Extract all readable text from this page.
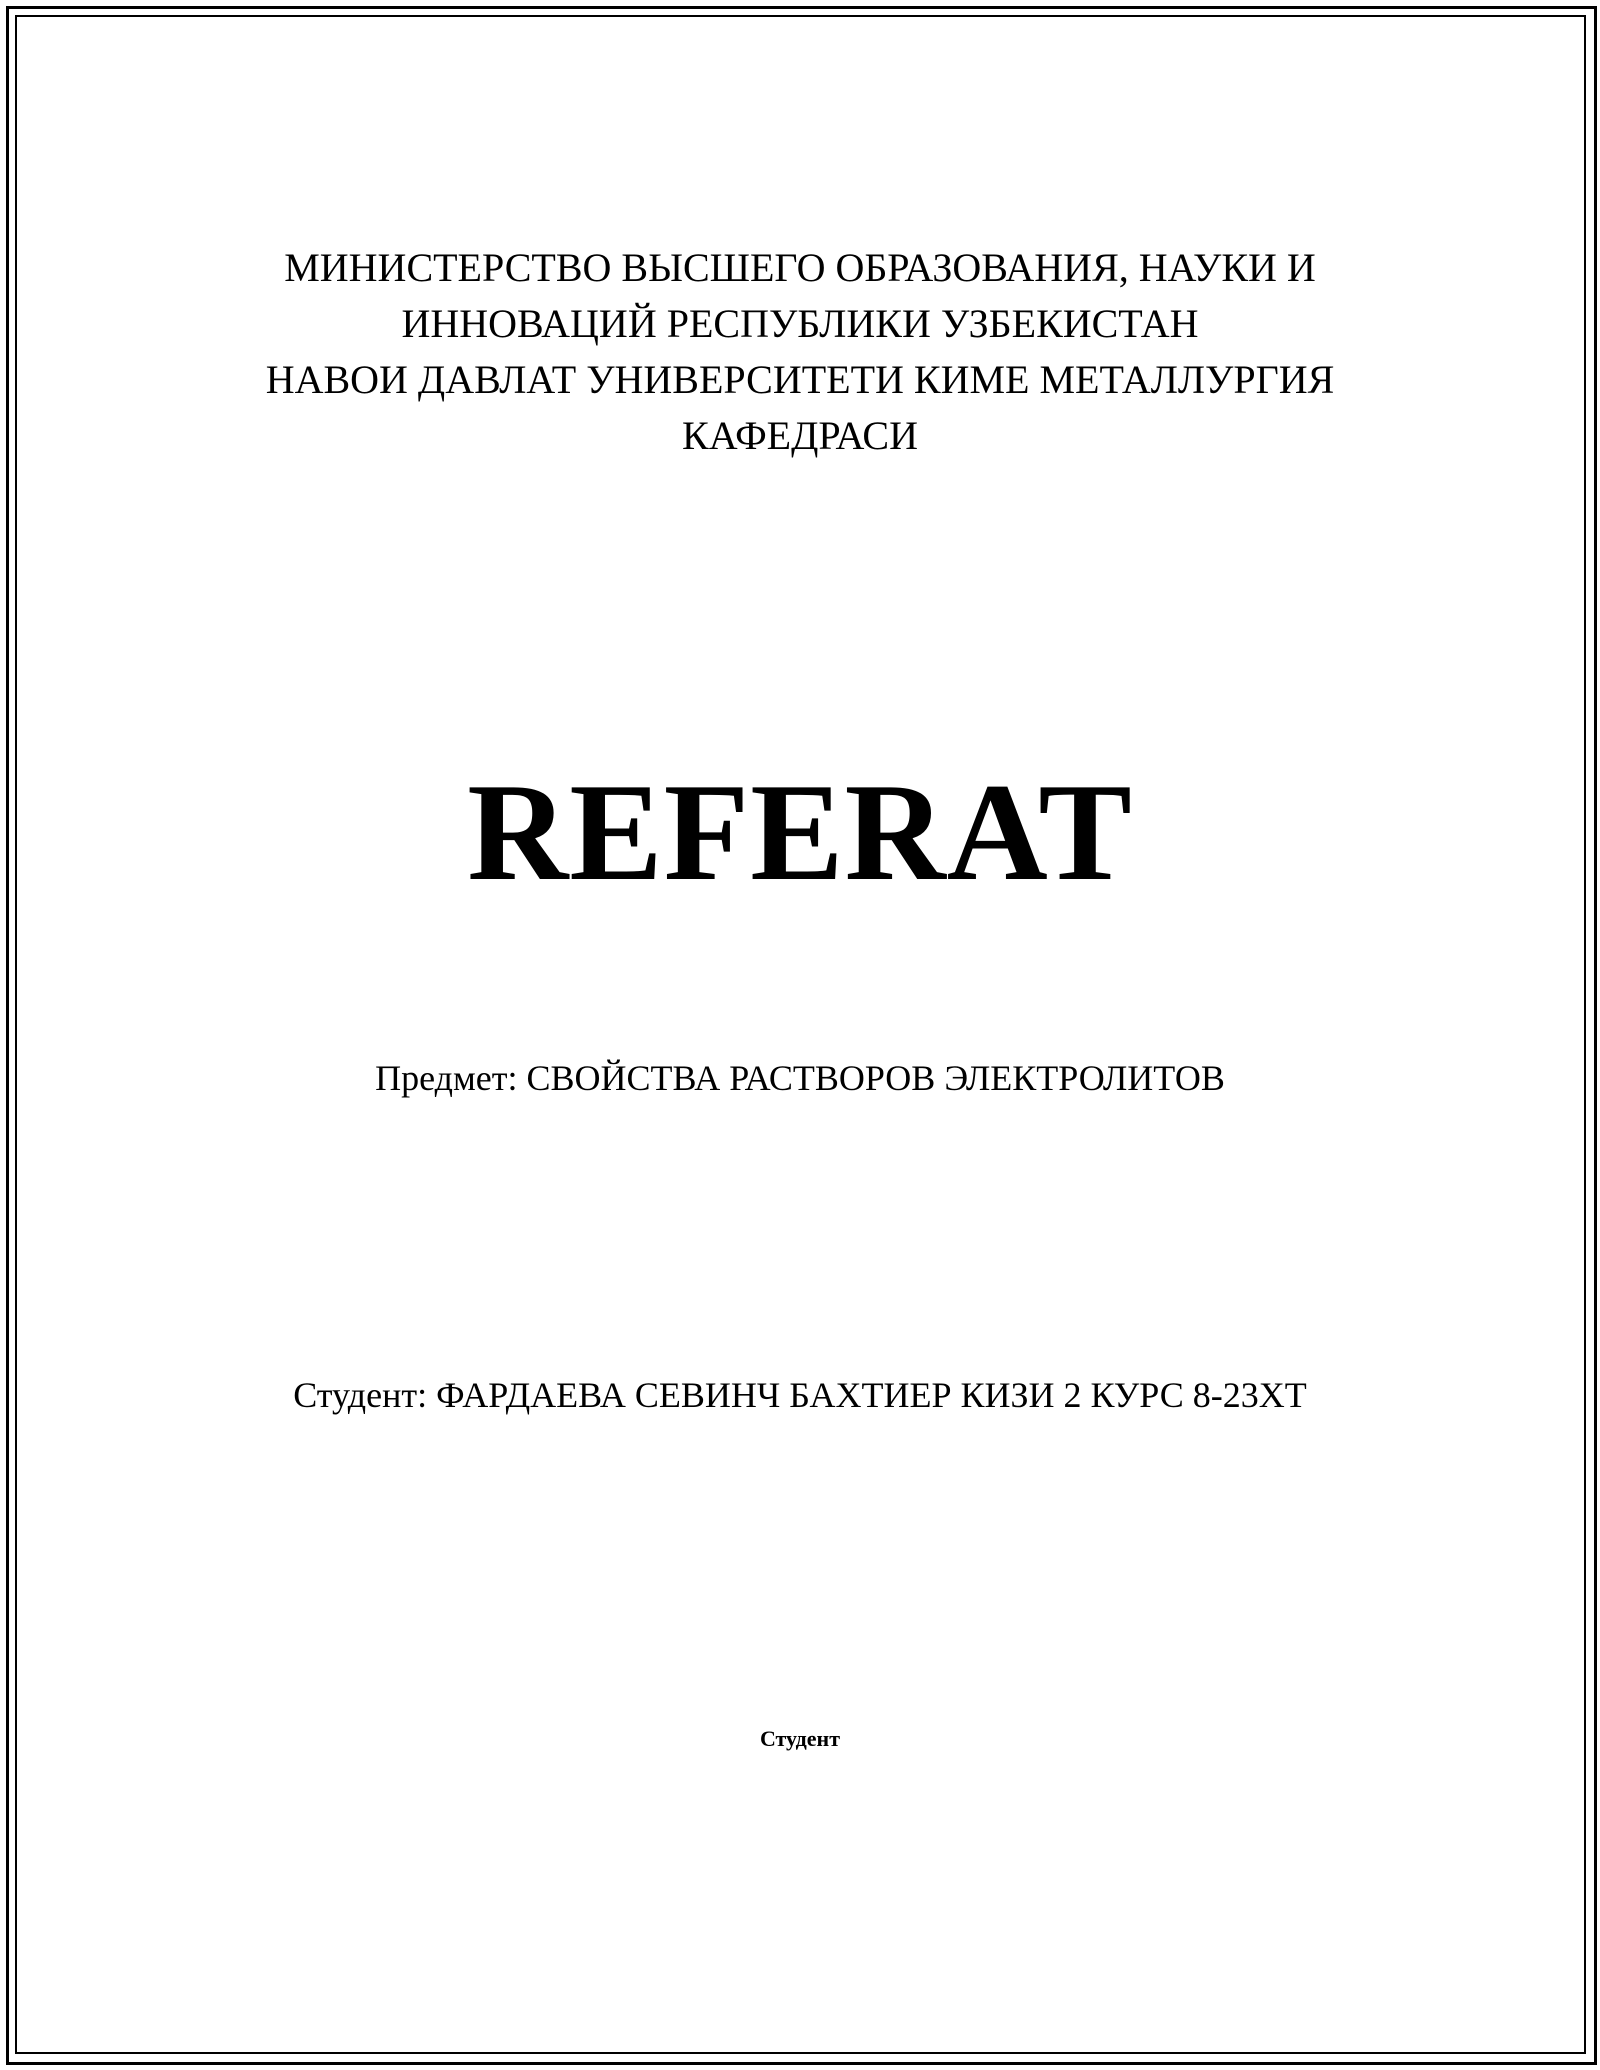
МИНИСТЕРСТВО ВЫСШЕГО ОБРАЗОВАНИЯ, НАУКИ И
ИННОВАЦИЙ РЕСПУБЛИКИ УЗБЕКИСТАН
НАВОИ ДАВЛАТ УНИВЕРСИТЕТИ КИМЕ МЕТАЛЛУРГИЯ
КАФЕДРАСИ
REFERAT
Предмет: СВОЙСТВА РАСТВОРОВ ЭЛЕКТРОЛИТОВ
Студент: ФАРДАЕВА СЕВИНЧ БАХТИЕР КИЗИ 2 КУРС 8-23ХТ
Студент
